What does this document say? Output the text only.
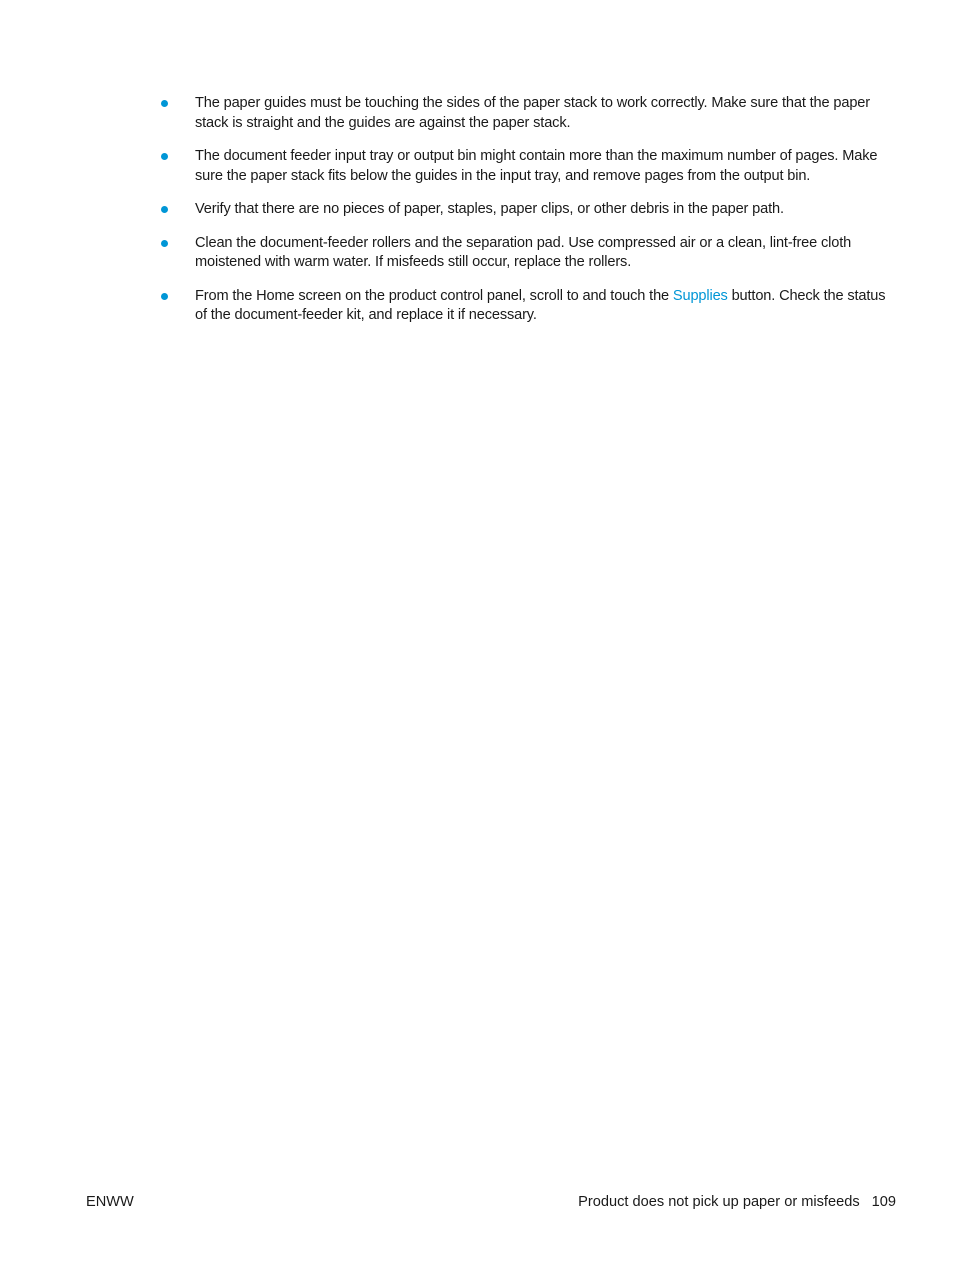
The paper guides must be touching the sides of the paper stack to work correctly. Make sure that the paper stack is straight and the guides are against the paper stack.
The document feeder input tray or output bin might contain more than the maximum number of pages. Make sure the paper stack fits below the guides in the input tray, and remove pages from the output bin.
Verify that there are no pieces of paper, staples, paper clips, or other debris in the paper path.
Clean the document-feeder rollers and the separation pad. Use compressed air or a clean, lint-free cloth moistened with warm water. If misfeeds still occur, replace the rollers.
From the Home screen on the product control panel, scroll to and touch the Supplies button. Check the status of the document-feeder kit, and replace it if necessary.
ENWW	Product does not pick up paper or misfeeds 109
